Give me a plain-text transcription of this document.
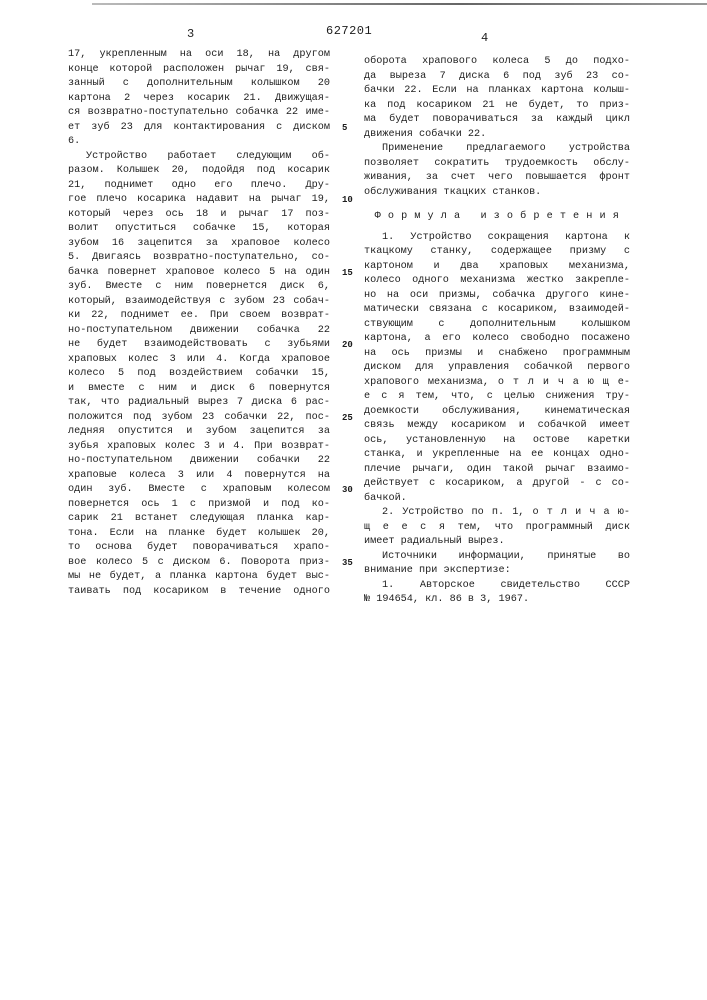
3	627201	4
5
10
15
20
25
30
35
17, укрепленным на оси 18, на другом
конце которой расположен рычаг 19, свя-
занный с дополнительным колышком 20
картона 2 через косарик 21. Движущая-
ся возвратно-поступательно собачка 22 име-
ет зуб 23 для контактирования с диском
6.
Устройство работает следующим об-
разом. Колышек 20, подойдя под косарик
21, поднимет одно его плечо. Дру-
гое плечо косарика надавит на рычаг 19,
который через ось 18 и рычаг 17 поз-
волит опуститься собачке 15, которая
зубом 16 зацепится за храповое колесо
5. Двигаясь возвратно-поступательно, со-
бачка повернет храповое колесо 5 на один
зуб. Вместе с ним повернется диск 6,
который, взаимодействуя с зубом 23 собач-
ки 22, поднимет ее. При своем возврат-
но-поступательном движении собачка 22
не будет взаимодействовать с зубьями
храповых колес 3 или 4. Когда храповое
колесо 5 под воздействием собачки 15,
и вместе с ним и диск 6 повернутся
так, что радиальный вырез 7 диска 6 рас-
положится под зубом 23 собачки 22, пос-
ледняя опустится и зубом зацепится за
зубья храповых колес 3 и 4. При возврат-
но-поступательном движении собачки 22
храповые колеса 3 или 4 повернутся на
один зуб. Вместе с храповым колесом
повернется ось 1 с призмой и под ко-
сарик 21 встанет следующая планка кар-
тона. Если на планке будет колышек 20,
то основа будет поворачиваться храпо-
вое колесо 5 с диском 6. Поворота приз-
мы не будет, а планка картона будет выс-
таивать под косариком в течение одного
оборота храпового колеса 5 до подхо-
да выреза 7 диска 6 под зуб 23 со-
бачки 22. Если на планках картона колыш-
ка под косариком 21 не будет, то приз-
ма будет поворачиваться за каждый цикл
движения собачки 22.
Применение предлагаемого устройства
позволяет сократить трудоемкость обслу-
живания, за счет чего повышается фронт
обслуживания ткацких станков.
Ф о р м у л а   и з о б р е т е н и я
1. Устройство сокращения картона к
ткацкому станку, содержащее призму с
картоном и два храповых механизма,
колесо одного механизма жестко закрепле-
но на оси призмы, собачка другого кине-
матически связана с косариком, взаимодей-
ствующим с дополнительным колышком
картона, а его колесо свободно посажено
на ось призмы и снабжено программным
диском для управления собачкой первого
храпового механизма, о т л и ч а ю щ е-
е с я тем, что, с целью снижения тру-
доемкости обслуживания, кинематическая
связь между косариком и собачкой имеет
ось, установленную на остове каретки
станка, и укрепленные на ее концах одно-
плечие рычаги, один такой рычаг взаимо-
действует с косариком, а другой - с со-
бачкой.
2. Устройство по п. 1, о т л и ч а ю-
щ е е с я тем, что программный диск
имеет радиальный вырез.
Источники информации, принятые во
внимание при экспертизе:
1. Авторское свидетельство СССР
№ 194654, кл. 86 в 3, 1967.
